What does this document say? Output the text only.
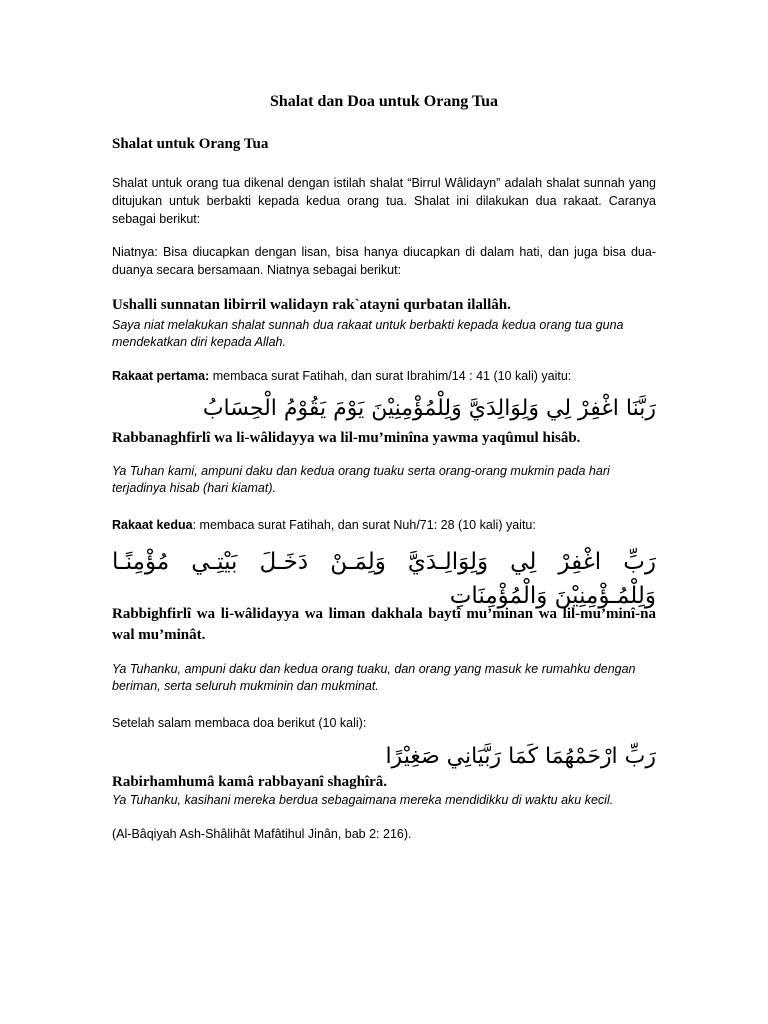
Shalat dan Doa untuk Orang Tua
Shalat untuk Orang Tua
Shalat untuk orang tua dikenal dengan istilah shalat “Birrul Wâlidayn” adalah shalat sunnah yang ditujukan untuk berbakti kepada kedua orang tua. Shalat ini dilakukan dua rakaat. Caranya sebagai berikut:
Niatnya: Bisa diucapkan dengan lisan, bisa hanya diucapkan di dalam hati, dan juga bisa dua-duanya secara bersamaan. Niatnya sebagai berikut:
Ushalli sunnatan libirril walidayn rak`atayni qurbatan ilallâh.
Saya niat melakukan shalat sunnah dua rakaat untuk berbakti kepada kedua orang tua guna mendekatkan diri kepada Allah.
Rakaat pertama: membaca surat Fatihah, dan surat Ibrahim/14 : 41 (10 kali) yaitu:
رَبَّنَا اغْفِرْ لِي وَلِوَالِدَيَّ وَلِلْمُؤْمِنِيْنَ يَوْمَ يَقُوْمُ الْحِسَابُ
Rabbanaghfirlî wa li-wâlidayya wa lil-mu’minîna yawma yaqûmul hisâb.
Ya Tuhan kami, ampuni daku dan kedua orang tuaku serta orang-orang mukmin pada hari terjadinya hisab (hari kiamat).
Rakaat kedua: membaca surat Fatihah, dan surat Nuh/71: 28 (10 kali) yaitu:
رَبِّ اغْفِرْ لِي وَلِوَالِـدَيَّ وَلِمَـنْ دَخَـلَ بَيْتِـي مُؤْمِنًـا وَلِلْمُـؤْمِنِيْنَ وَالْمُؤْمِنَاتِ
Rabbighfirlî wa li-wâlidayya wa liman dakhala baytî mu’minan wa lil-mu’minî-na wal mu’minât.
Ya Tuhanku, ampuni daku dan kedua orang tuaku, dan orang yang masuk ke rumahku dengan beriman, serta seluruh mukminin dan mukminat.
Setelah salam membaca doa berikut (10 kali):
رَبِّ ارْحَمْهُمَا كَمَا رَبَّيَانِي صَغِيْرًا
Rabirhamhumâ kamâ rabbayanî shaghîrâ.
Ya Tuhanku, kasihani mereka berdua sebagaimana mereka mendidikku di waktu aku kecil.
(Al-Bâqiyah Ash-Shâlihât Mafâtihul Jinân, bab 2: 216).
